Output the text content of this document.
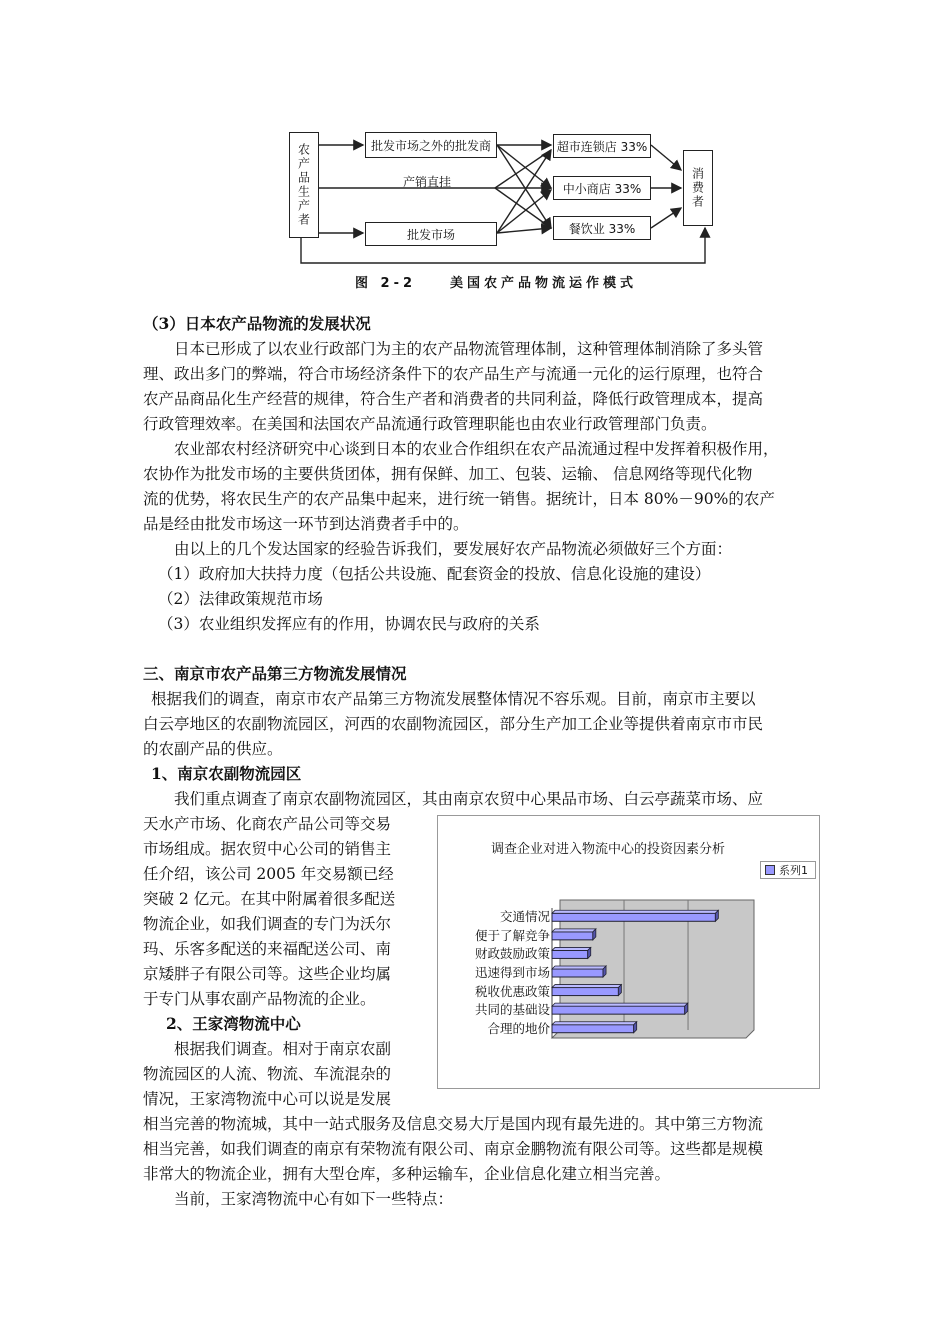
农产品生产者	批发市场之外的批发商
产销直挂
批发市场
超市连锁店 33%
中小商店 33%
餐饮业 33%
消费者
图 2-2　　美国农产品物流运作模式
（3）日本农产品物流的发展状况
日本已形成了以农业行政部门为主的农产品物流管理体制，这种管理体制消除了多头管
理、政出多门的弊端，符合市场经济条件下的农产品生产与流通一元化的运行原理，也符合
农产品商品化生产经营的规律，符合生产者和消费者的共同利益，降低行政管理成本，提高
行政管理效率。在美国和法国农产品流通行政管理职能也由农业行政管理部门负责。
农业部农村经济研究中心谈到日本的农业合作组织在农产品流通过程中发挥着积极作用，
农协作为批发市场的主要供货团体，拥有保鲜、加工、包装、运输、 信息网络等现代化物
流的优势，将农民生产的农产品集中起来，进行统一销售。据统计，日本 80%－90%的农产
品是经由批发市场这一环节到达消费者手中的。
由以上的几个发达国家的经验告诉我们，要发展好农产品物流必须做好三个方面：
（1）政府加大扶持力度（包括公共设施、配套资金的投放、信息化设施的建设）
（2）法律政策规范市场
（3）农业组织发挥应有的作用，协调农民与政府的关系
三、南京市农产品第三方物流发展情况
根据我们的调查，南京市农产品第三方物流发展整体情况不容乐观。目前，南京市主要以
白云亭地区的农副物流园区，河西的农副物流园区，部分生产加工企业等提供着南京市市民
的农副产品的供应。
1、南京农副物流园区
我们重点调查了南京农副物流园区，其由南京农贸中心果品市场、白云亭蔬菜市场、应
天水产市场、化商农产品公司等交易
市场组成。据农贸中心公司的销售主
任介绍，该公司 2005 年交易额已经
突破 2 亿元。在其中附属着很多配送
物流企业，如我们调查的专门为沃尔
玛、乐客多配送的来福配送公司、南
京矮胖子有限公司等。这些企业均属
于专门从事农副产品物流的企业。
2、王家湾物流中心
根据我们调查。相对于南京农副
物流园区的人流、物流、车流混杂的
情况，王家湾物流中心可以说是发展
相当完善的物流城，其中一站式服务及信息交易大厅是国内现有最先进的。其中第三方物流
相当完善，如我们调查的南京有荣物流有限公司、南京金鹏物流有限公司等。这些都是规模
非常大的物流企业，拥有大型仓库，多种运输车，企业信息化建立相当完善。
当前，王家湾物流中心有如下一些特点：
调查企业对进入物流中心的投资因素分析
系列1
交通情况
便于了解竞争
财政鼓励政策
迅速得到市场
税收优惠政策
共同的基础设
合理的地价
